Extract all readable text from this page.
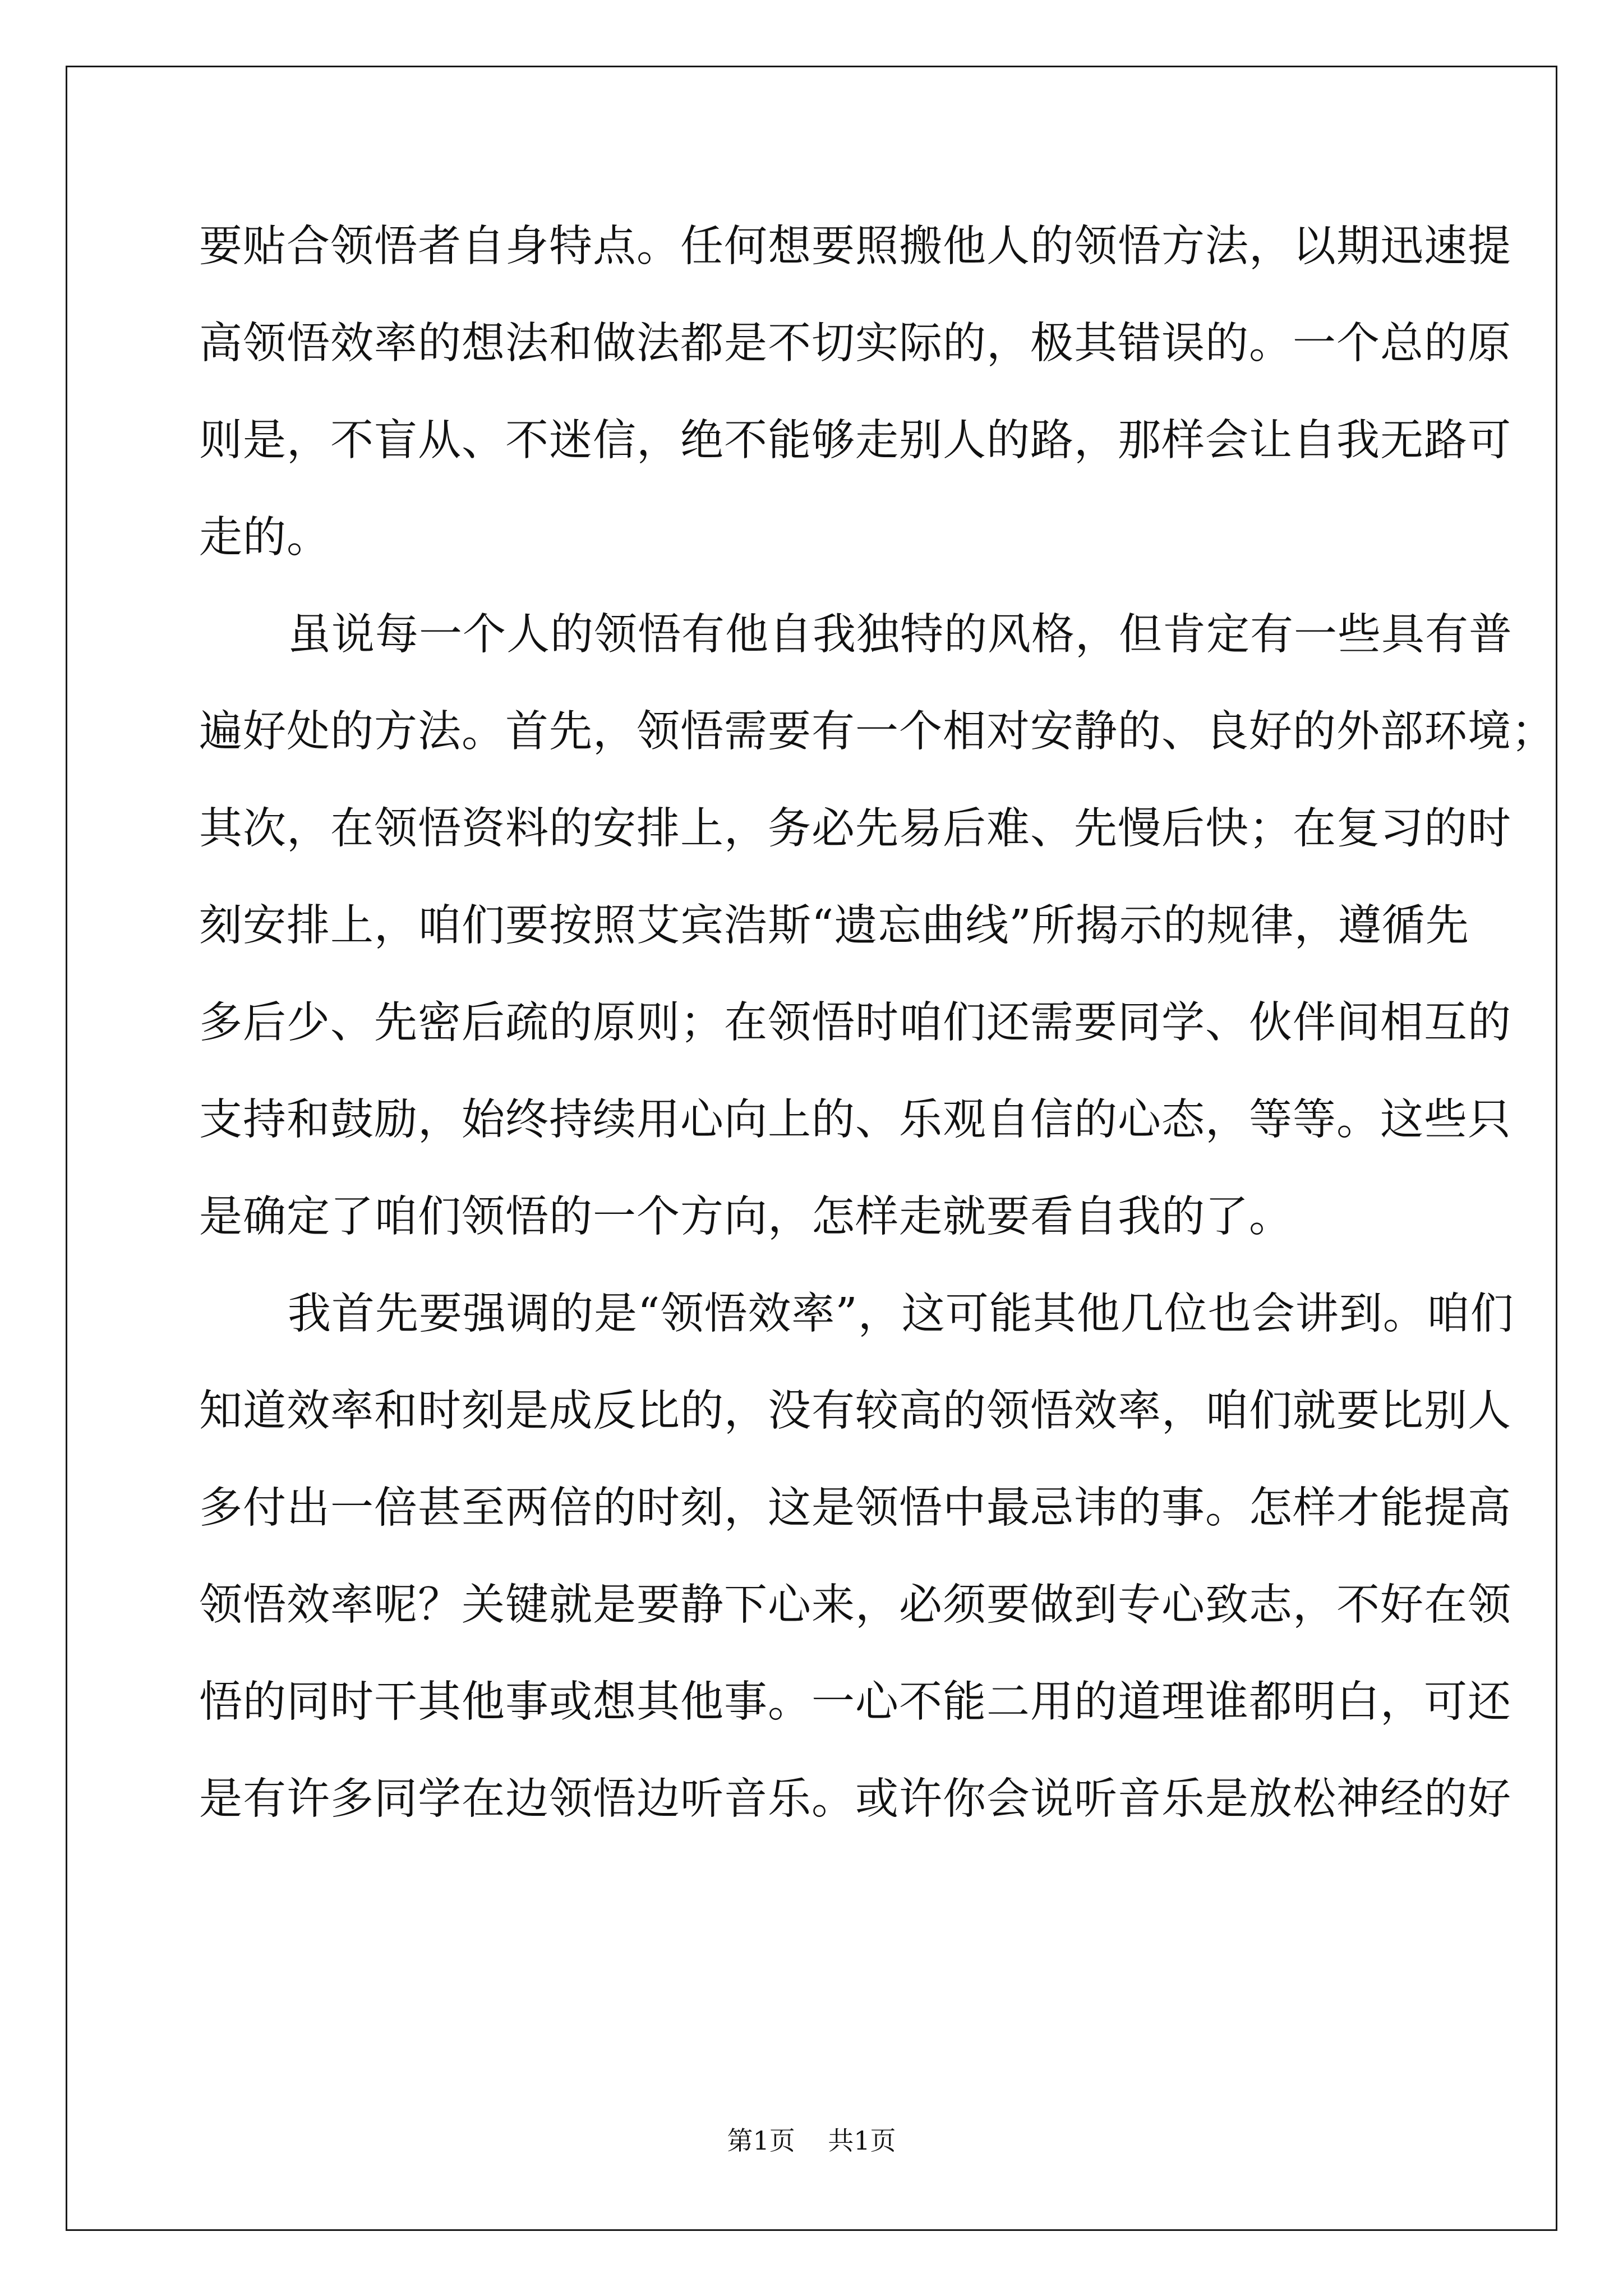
要贴合领悟者自身特点。任何想要照搬他人的领悟方法，以期迅速提
高领悟效率的想法和做法都是不切实际的，极其错误的。一个总的原
则是，不盲从、不迷信，绝不能够走别人的路，那样会让自我无路可
走的。
虽说每一个人的领悟有他自我独特的风格，但肯定有一些具有普
遍好处的方法。首先，领悟需要有一个相对安静的、良好的外部环境；
其次，在领悟资料的安排上，务必先易后难、先慢后快；在复习的时
刻安排上，咱们要按照艾宾浩斯“遗忘曲线”所揭示的规律，遵循先
多后少、先密后疏的原则；在领悟时咱们还需要同学、伙伴间相互的
支持和鼓励，始终持续用心向上的、乐观自信的心态，等等。这些只
是确定了咱们领悟的一个方向，怎样走就要看自我的了。
我首先要强调的是“领悟效率”，这可能其他几位也会讲到。咱们
知道效率和时刻是成反比的，没有较高的领悟效率，咱们就要比别人
多付出一倍甚至两倍的时刻，这是领悟中最忌讳的事。怎样才能提高
领悟效率呢？关键就是要静下心来，必须要做到专心致志，不好在领
悟的同时干其他事或想其他事。一心不能二用的道理谁都明白，可还
是有许多同学在边领悟边听音乐。或许你会说听音乐是放松神经的好
第1页 共1页
